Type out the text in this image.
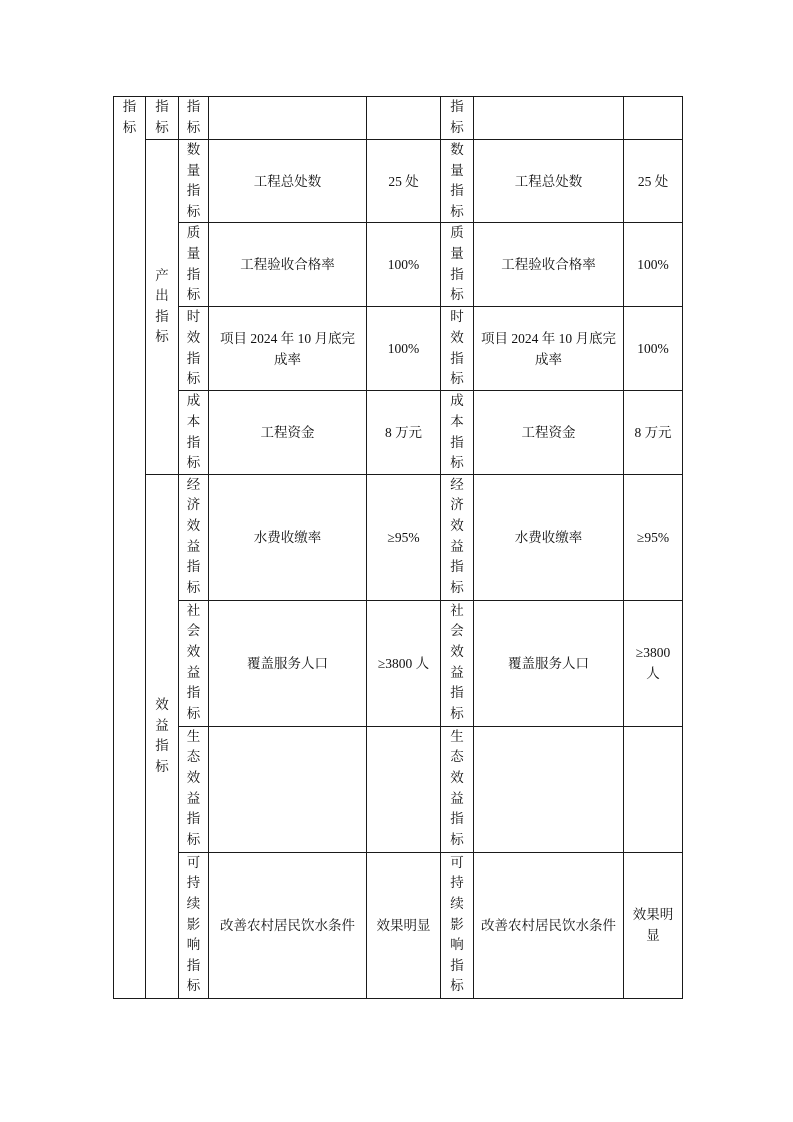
指标	指标	指标			指标		

	产出指标	数量指标	工程总处数	25 处	数量指标	工程总处数	25 处

		质量指标	工程验收合格率	100%	质量指标	工程验收合格率	100%

		时效指标	项目 2024 年 10 月底完成率	100%	时效指标	项目 2024 年 10 月底完成率	100%

		成本指标	工程资金	8 万元	成本指标	工程资金	8 万元

	效益指标	经济效益指标	水费收缴率	≥95%	经济效益指标	水费收缴率	≥95%

		社会效益指标	覆盖服务人口	≥3800 人	社会效益指标	覆盖服务人口	≥3800 人

		生态效益指标			生态效益指标		

		可持续影响指标	改善农村居民饮水条件	效果明显	可持续影响指标	改善农村居民饮水条件	效果明显
